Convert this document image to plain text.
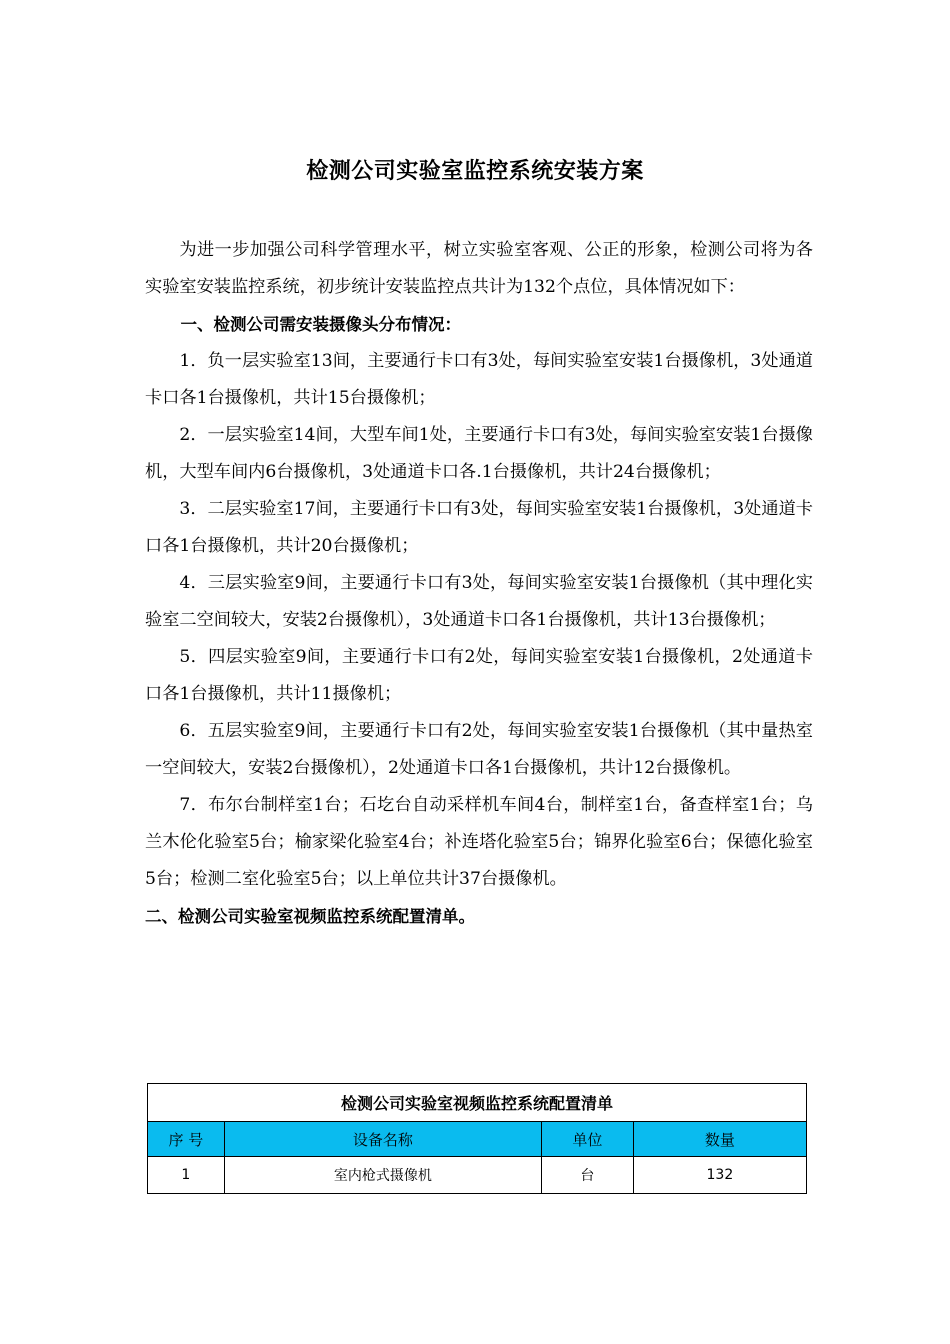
检测公司实验室监控系统安装方案

为进一步加强公司科学管理水平，树立实验室客观、公正的形象，检测公司将为各实验室安装监控系统，初步统计安装监控点共计为132个点位，具体情况如下：

一、检测公司需安装摄像头分布情况：

1．负一层实验室13间，主要通行卡口有3处，每间实验室安装1台摄像机，3处通道卡口各1台摄像机，共计15台摄像机；

2．一层实验室14间，大型车间1处，主要通行卡口有3处，每间实验室安装1台摄像机，大型车间内6台摄像机，3处通道卡口各.1台摄像机，共计24台摄像机；

3．二层实验室17间，主要通行卡口有3处，每间实验室安装1台摄像机，3处通道卡口各1台摄像机，共计20台摄像机；

4．三层实验室9间，主要通行卡口有3处，每间实验室安装1台摄像机（其中理化实验室二空间较大，安装2台摄像机），3处通道卡口各1台摄像机，共计13台摄像机；

5．四层实验室9间，主要通行卡口有2处，每间实验室安装1台摄像机，2处通道卡口各1台摄像机，共计11摄像机；

6．五层实验室9间，主要通行卡口有2处，每间实验室安装1台摄像机（其中量热室一空间较大，安装2台摄像机），2处通道卡口各1台摄像机，共计12台摄像机。

7．布尔台制样室1台；石圪台自动采样机车间4台，制样室1台，备查样室1台；乌兰木伦化验室5台；榆家梁化验室4台；补连塔化验室5台；锦界化验室6台；保德化验室5台；检测二室化验室5台；以上单位共计37台摄像机。

二、检测公司实验室视频监控系统配置清单。

检测公司实验室视频监控系统配置清单			
序 号	设备名称	单位	数量
1	室内枪式摄像机	台	132
